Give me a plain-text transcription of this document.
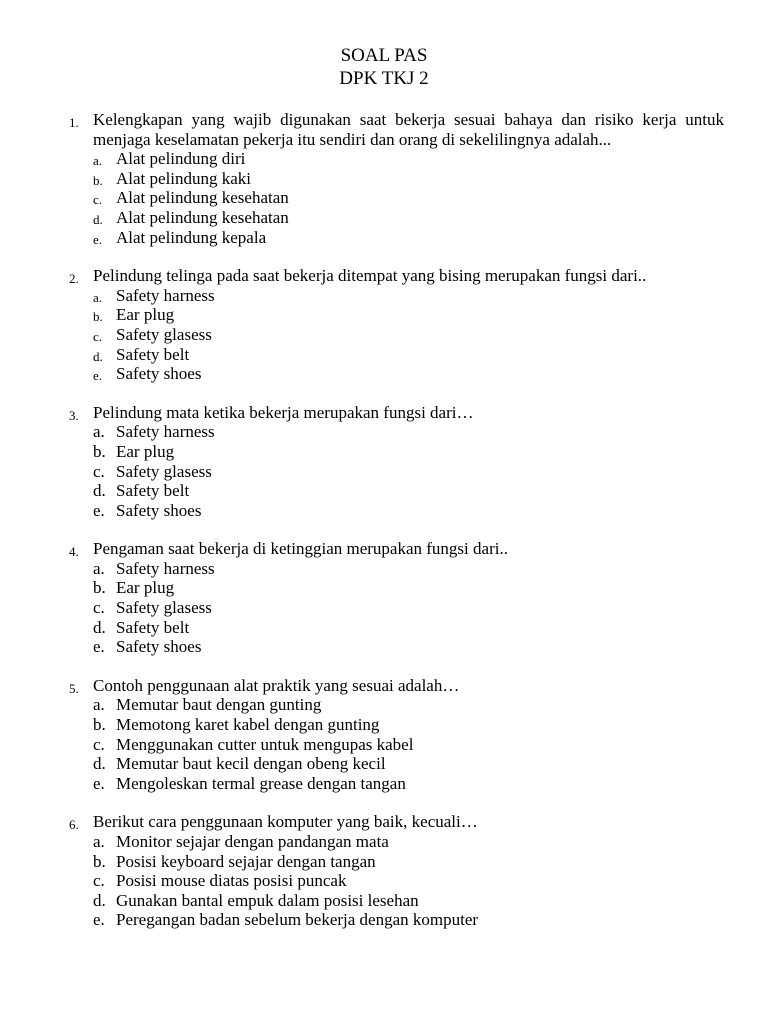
SOAL PAS
DPK TKJ 2
1. Kelengkapan yang wajib digunakan saat bekerja sesuai bahaya dan risiko kerja untuk menjaga keselamatan pekerja itu sendiri dan orang di sekelilingnya adalah...
a. Alat pelindung diri
b. Alat pelindung kaki
c. Alat pelindung kesehatan
d. Alat pelindung kesehatan
e. Alat pelindung kepala
2. Pelindung telinga pada saat bekerja ditempat yang bising merupakan fungsi dari..
a. Safety harness
b. Ear plug
c. Safety glasess
d. Safety belt
e. Safety shoes
3. Pelindung mata ketika bekerja merupakan fungsi dari…
a. Safety harness
b. Ear plug
c. Safety glasess
d. Safety belt
e. Safety shoes
4. Pengaman saat bekerja di ketinggian merupakan fungsi dari..
a. Safety harness
b. Ear plug
c. Safety glasess
d. Safety belt
e. Safety shoes
5. Contoh penggunaan alat praktik yang sesuai adalah…
a. Memutar baut dengan gunting
b. Memotong karet kabel dengan gunting
c. Menggunakan cutter untuk mengupas kabel
d. Memutar baut kecil dengan obeng kecil
e. Mengoleskan termal grease dengan tangan
6. Berikut cara penggunaan komputer yang baik, kecuali…
a. Monitor sejajar dengan pandangan mata
b. Posisi keyboard sejajar dengan tangan
c. Posisi mouse diatas posisi puncak
d. Gunakan bantal empuk dalam posisi lesehan
e. Peregangan badan sebelum bekerja dengan komputer
